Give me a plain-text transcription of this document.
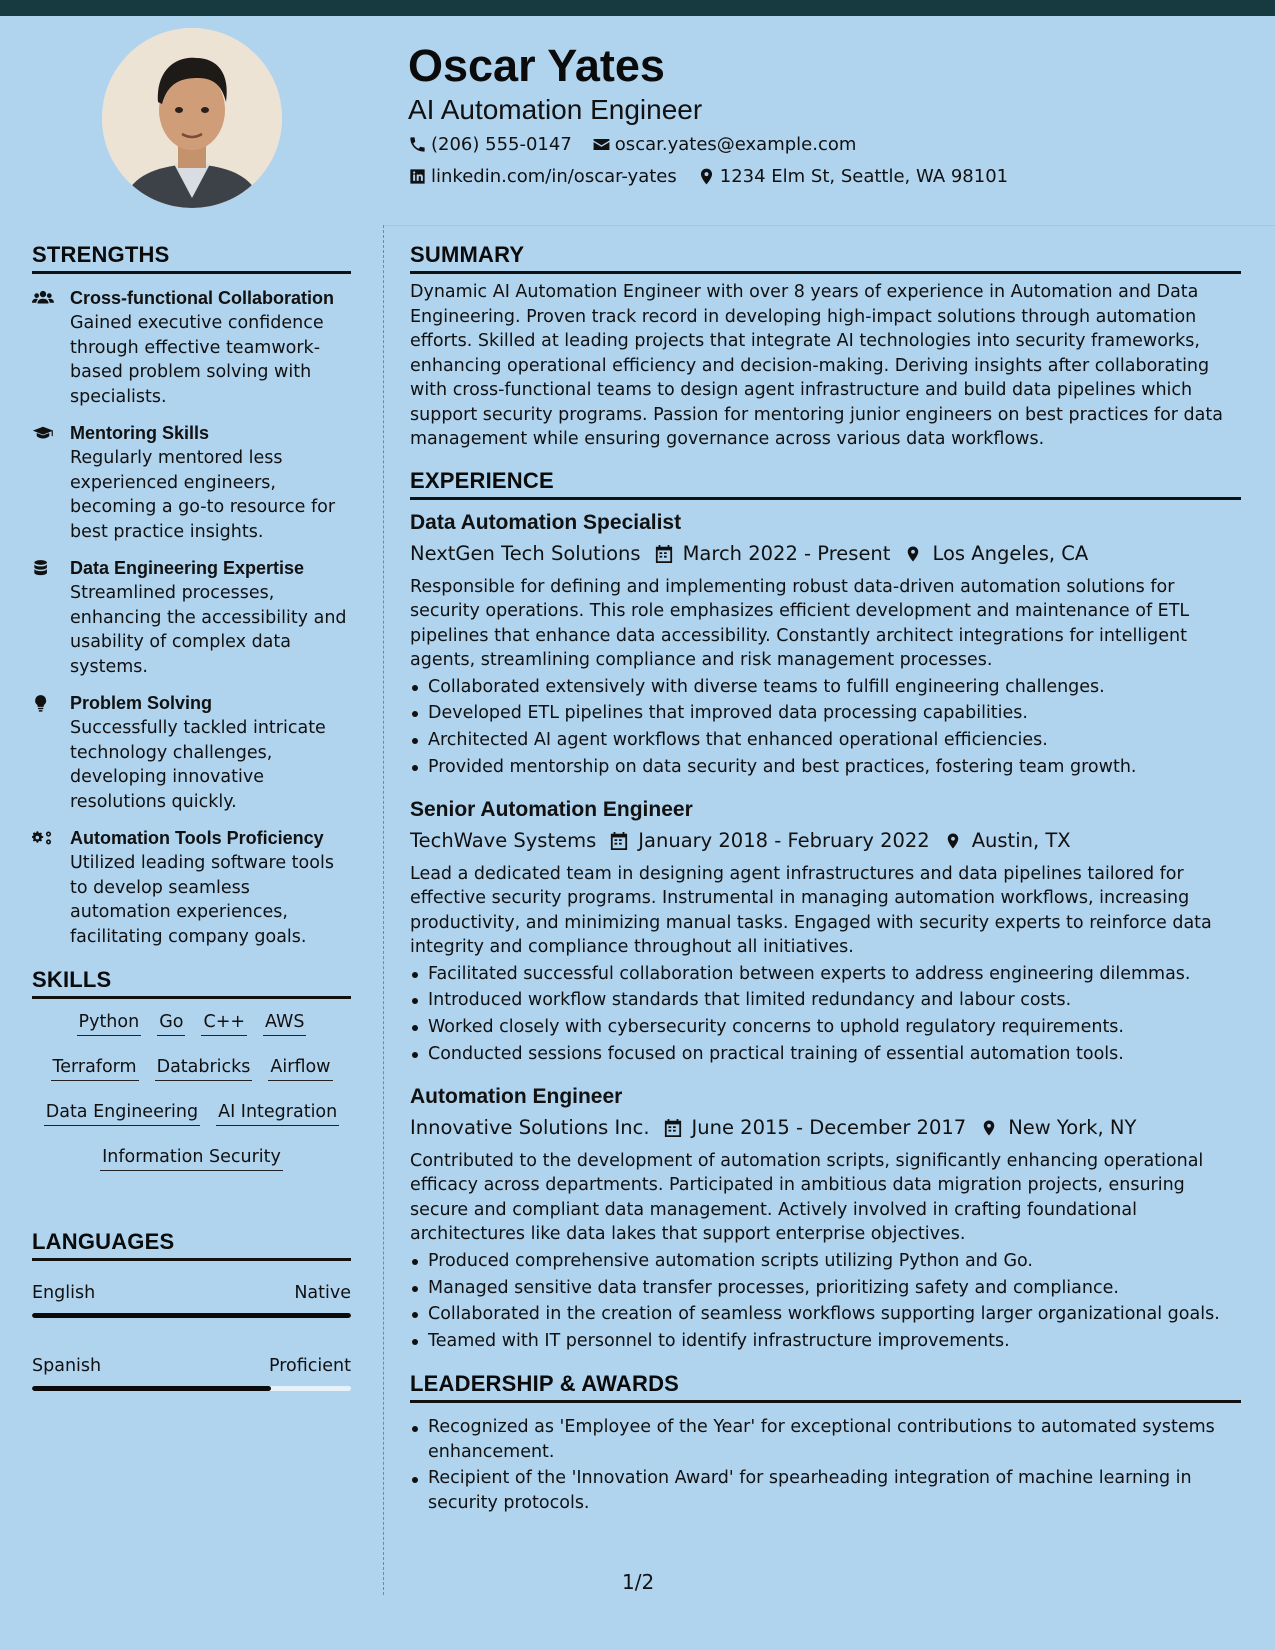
Oscar Yates
AI Automation Engineer
(206) 555-0147 oscar.yates@example.com
linkedin.com/in/oscar-yates 1234 Elm St, Seattle, WA 98101
STRENGTHS
Cross-functional Collaboration
Gained executive confidence through effective teamwork-based problem solving with specialists.
Mentoring Skills
Regularly mentored less experienced engineers, becoming a go-to resource for best practice insights.
Data Engineering Expertise
Streamlined processes, enhancing the accessibility and usability of complex data systems.
Problem Solving
Successfully tackled intricate technology challenges, developing innovative resolutions quickly.
Automation Tools Proficiency
Utilized leading software tools to develop seamless automation experiences, facilitating company goals.
SKILLS
Python Go C++ AWS
Terraform Databricks Airflow
Data Engineering AI Integration
Information Security
LANGUAGES
English	Native
Spanish	Proficient
SUMMARY
Dynamic AI Automation Engineer with over 8 years of experience in Automation and Data Engineering. Proven track record in developing high-impact solutions through automation efforts. Skilled at leading projects that integrate AI technologies into security frameworks, enhancing operational efficiency and decision-making. Deriving insights after collaborating with cross-functional teams to design agent infrastructure and build data pipelines which support security programs. Passion for mentoring junior engineers on best practices for data management while ensuring governance across various data workflows.
EXPERIENCE
Data Automation Specialist
NextGen Tech Solutions March 2022 - Present Los Angeles, CA
Responsible for defining and implementing robust data-driven automation solutions for security operations. This role emphasizes efficient development and maintenance of ETL pipelines that enhance data accessibility. Constantly architect integrations for intelligent agents, streamlining compliance and risk management processes.
Collaborated extensively with diverse teams to fulfill engineering challenges.
Developed ETL pipelines that improved data processing capabilities.
Architected AI agent workflows that enhanced operational efficiencies.
Provided mentorship on data security and best practices, fostering team growth.
Senior Automation Engineer
TechWave Systems January 2018 - February 2022 Austin, TX
Lead a dedicated team in designing agent infrastructures and data pipelines tailored for effective security programs. Instrumental in managing automation workflows, increasing productivity, and minimizing manual tasks. Engaged with security experts to reinforce data integrity and compliance throughout all initiatives.
Facilitated successful collaboration between experts to address engineering dilemmas.
Introduced workflow standards that limited redundancy and labour costs.
Worked closely with cybersecurity concerns to uphold regulatory requirements.
Conducted sessions focused on practical training of essential automation tools.
Automation Engineer
Innovative Solutions Inc. June 2015 - December 2017 New York, NY
Contributed to the development of automation scripts, significantly enhancing operational efficacy across departments. Participated in ambitious data migration projects, ensuring secure and compliant data management. Actively involved in crafting foundational architectures like data lakes that support enterprise objectives.
Produced comprehensive automation scripts utilizing Python and Go.
Managed sensitive data transfer processes, prioritizing safety and compliance.
Collaborated in the creation of seamless workflows supporting larger organizational goals.
Teamed with IT personnel to identify infrastructure improvements.
LEADERSHIP & AWARDS
Recognized as 'Employee of the Year' for exceptional contributions to automated systems enhancement.
Recipient of the 'Innovation Award' for spearheading integration of machine learning in security protocols.
1/2
